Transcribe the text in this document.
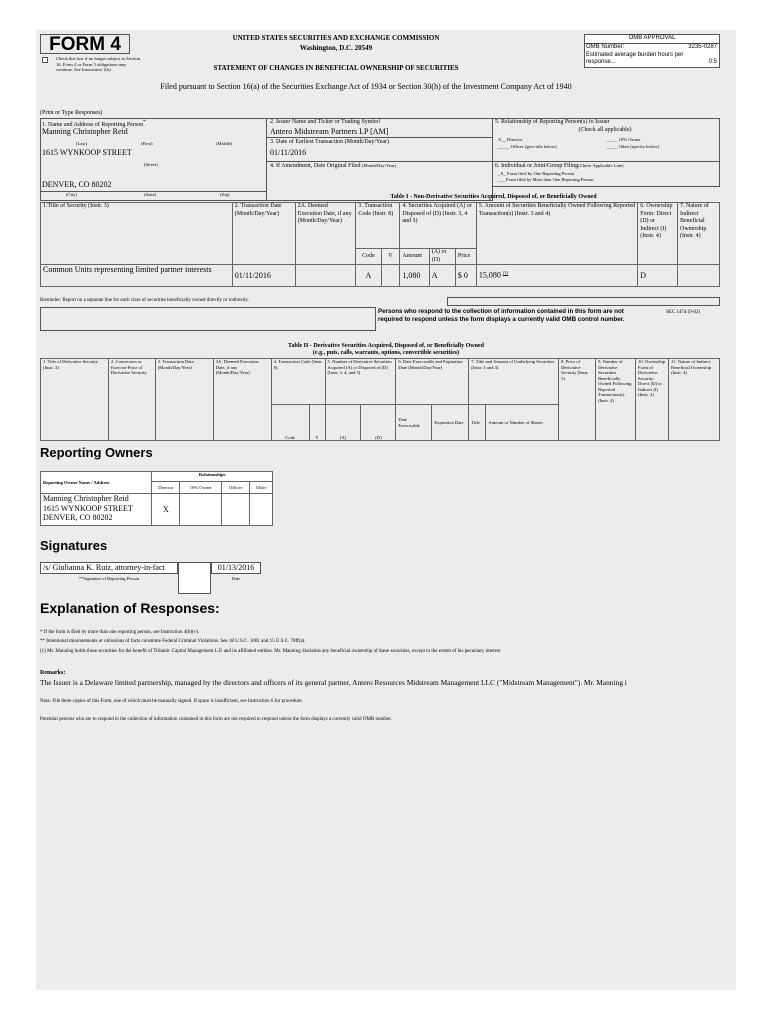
FORM 4
Check this box if no longer subject to Section 16. Form 4 or Form 5 obligations may continue. See Instruction 1(b).
UNITED STATES SECURITIES AND EXCHANGE COMMISSION
Washington, D.C. 20549
STATEMENT OF CHANGES IN BENEFICIAL OWNERSHIP OF SECURITIES
Filed pursuant to Section 16(a) of the Securities Exchange Act of 1934 or Section 30(h) of the Investment Company Act of 1940
OMB APPROVAL
OMB Number:	3235-0287
Estimated average burden hours per response...	0.5
(Print or Type Responses)
1. Name and Address of Reporting Person*
Manning Christopher Reid
(Last)	(First)	(Middle)
1615 WYNKOOP STREET
(Street)
DENVER, CO 80202
(City)	(State)	(Zip)
2. Issuer Name and Ticker or Trading Symbol
Antero Midstream Partners LP [AM]
3. Date of Earliest Transaction (Month/Day/Year)
01/11/2016
4. If Amendment, Date Original Filed (Month/Day/Year)
5. Relationship of Reporting Person(s) to Issuer
(Check all applicable)
X__ Director	_____ 10% Owner
_____ Officer (give title below)	_____ Other (specify below)
6. Individual or Joint/Group Filing(Check Applicable Line)
_X_ Form filed by One Reporting Person
___ Form filed by More than One Reporting Person
Table I - Non-Derivative Securities Acquired, Disposed of, or Beneficially Owned
1.Title of Security (Instr. 3)	2. Transaction Date (Month/Day/Year)	2A. Deemed Execution Date, if any (Month/Day/Year)	3. Transaction Code (Instr. 8)		4. Securities Acquired (A) or Disposed of (D) (Instr. 3, 4 and 5)			5. Amount of Securities Beneficially Owned Following Reported Transaction(s) (Instr. 3 and 4)	6. Ownership Form: Direct (D) or Indirect (I) (Instr. 4)	7. Nature of Indirect Beneficial Ownership (Instr. 4)
			Code	V	Amount	(A) or (D)	Price			
Common Units representing limited partner interests	01/11/2016		A		1,080	A	$ 0	15,080 $^{(1)}$	D	
Reminder: Report on a separate line for each class of securities beneficially owned directly or indirectly.
Persons who respond to the collection of information contained in this form are not required to respond unless the form displays a currently valid OMB control number.
SEC 1474 (9-02)
Table II - Derivative Securities Acquired, Disposed of, or Beneficially Owned
(e.g., puts, calls, warrants, options, convertible securities)
1. Title of Derivative Security (Instr. 3)	2. Conversion or Exercise Price of Derivative Security	3. Transaction Date (Month/Day/Year)	3A. Deemed Execution Date, if any (Month/Day/Year)	4. Transaction Code (Instr. 8)		5. Number of Derivative Securities Acquired (A) or Disposed of (D) (Instr. 3, 4, and 5)		6. Date Exercisable and Expiration Date (Month/Day/Year)		7. Title and Amount of Underlying Securities (Instr. 3 and 4)		8. Price of Derivative Security (Instr. 5)	9. Number of Derivative Securities Beneficially Owned Following Reported Transaction(s) (Instr. 4)	10. Ownership Form of Derivative Security: Direct (D) or Indirect (I) (Instr. 4)	11. Nature of Indirect Beneficial Ownership (Instr. 4)
				Code	V	(A)	(D)	Date Exercisable	Expiration Date	Title	Amount or Number of Shares				
Reporting Owners
Reporting Owner Name / Address	Relationships			
	Director	10% Owner	Officer	Other

Manning Christopher Reid
1615 WYNKOOP STREET
DENVER, CO 80202	X			
Signatures
/s/ Giulianna K. Ruiz, attorney-in-fact	01/13/2016
**Signature of Reporting Person	Date
Explanation of Responses:
* If the form is filed by more than one reporting person, see Instruction 4(b)(v).
** Intentional misstatements or omissions of facts constitute Federal Criminal Violations. See 18 U.S.C. 1001 and 15 U.S.C. 78ff(a).
(1) Mr. Manning holds these securities for the benefit of Trilantic Capital Management L.P. and its affiliated entities. Mr. Manning disclaims any beneficial ownership of these securities, except to the extent of his pecuniary interest
Remarks:
The Issuer is a Delaware limited partnership, managed by the directors and officers of its general partner, Antero Resources Midstream Management LLC ("Midstream Management"). Mr. Manning i
Note: File three copies of this Form, one of which must be manually signed. If space is insufficient, see Instruction 6 for procedure.
Potential persons who are to respond to the collection of information contained in this form are not required to respond unless the form displays a currently valid OMB number.
